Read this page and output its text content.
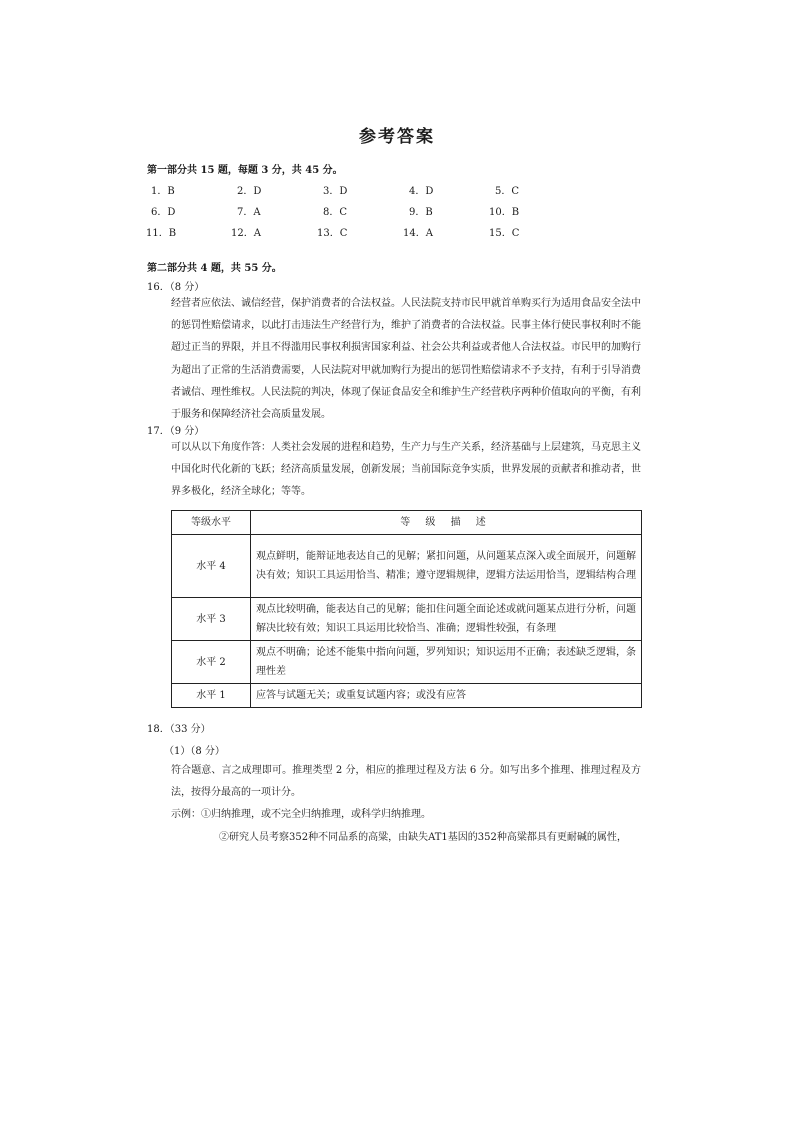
参考答案
第一部分共 15 题，每题 3 分，共 45 分。
1．B	2．D	3．D	4．D	5．C
6．D	7．A	8．C	9．B	10．B
11．B	12．A	13．C	14．A	15．C
第二部分共 4 题，共 55 分。
16．（8 分）
经营者应依法、诚信经营，保护消费者的合法权益。人民法院支持市民甲就首单购买行为适用食品安全法中的惩罚性赔偿请求，以此打击违法生产经营行为，维护了消费者的合法权益。民事主体行使民事权利时不能超过正当的界限，并且不得滥用民事权利损害国家利益、社会公共利益或者他人合法权益。市民甲的加购行为超出了正常的生活消费需要，人民法院对甲就加购行为提出的惩罚性赔偿请求不予支持，有利于引导消费者诚信、理性维权。人民法院的判决，体现了保证食品安全和维护生产经营秩序两种价值取向的平衡，有利于服务和保障经济社会高质量发展。
17．（9 分）
可以从以下角度作答：人类社会发展的进程和趋势，生产力与生产关系，经济基础与上层建筑，马克思主义中国化时代化新的飞跃；经济高质量发展，创新发展；当前国际竞争实质，世界发展的贡献者和推动者，世界多极化，经济全球化；等等。
等级水平	等 级 描 述
水平 4	观点鲜明，能辩证地表达自己的见解；紧扣问题，从问题某点深入或全面展开，问题解决有效；知识工具运用恰当、精准；遵守逻辑规律，逻辑方法运用恰当，逻辑结构合理
水平 3	观点比较明确，能表达自己的见解；能扣住问题全面论述或就问题某点进行分析，问题解决比较有效；知识工具运用比较恰当、准确；逻辑性较强，有条理
水平 2	观点不明确；论述不能集中指向问题，罗列知识；知识运用不正确；表述缺乏逻辑，条理性差
水平 1	应答与试题无关；或重复试题内容；或没有应答
18．（33 分）
（1）（8 分）
符合题意、言之成理即可。推理类型 2 分，相应的推理过程及方法 6 分。如写出多个推理、推理过程及方法，按得分最高的一项计分。
示例：①归纳推理，或不完全归纳推理，或科学归纳推理。
②研究人员考察352种不同品系的高粱，由缺失AT1基因的352种高粱都具有更耐碱的属性，
